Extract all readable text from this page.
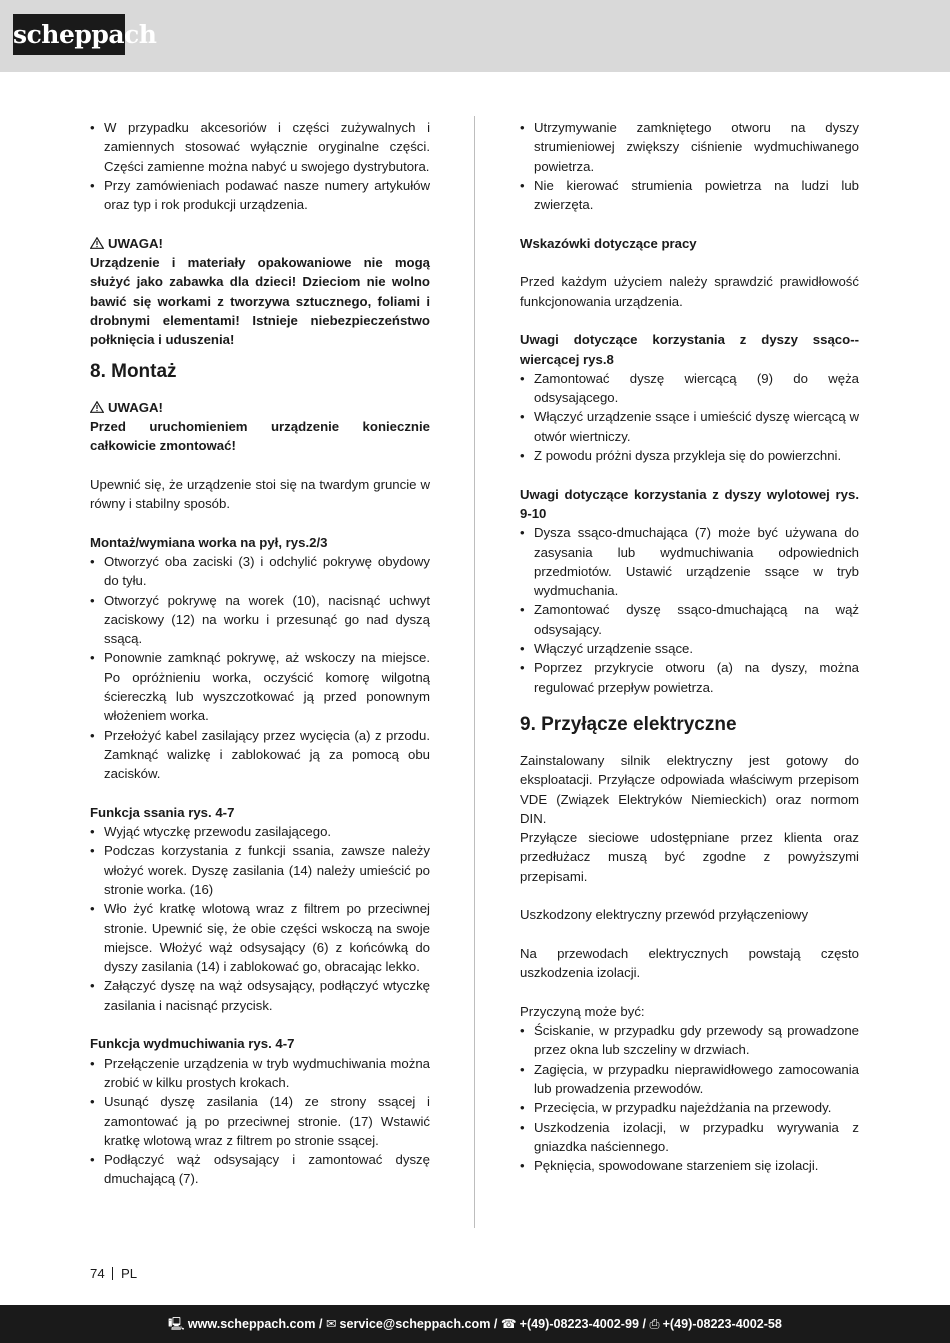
scheppach
• W przypadku akcesoriów i części zużywalnych i zamiennych stosować wyłącznie oryginalne części. Części zamienne można nabyć u swojego dystrybutora.
• Przy zamówieniach podawać nasze numery artykułów oraz typ i rok produkcji urządzenia.

UWAGA!

Urządzenie i materiały opakowaniowe nie mogą służyć jako zabawka dla dzieci! Dzieciom nie wolno bawić się workami z tworzywa sztucznego, foliami i drobnymi elementami! Istnieje niebezpieczeństwo połknięcia i uduszenia!

8. Montaż

UWAGA!

Przed uruchomieniem urządzenie koniecznie całkowicie zmontować!

Upewnić się, że urządzenie stoi się na twardym gruncie w równy i stabilny sposób.

Montaż/wymiana worka na pył, rys.2/3

• Otworzyć oba zaciski (3) i odchylić pokrywę obydowy do tyłu.
• Otworzyć pokrywę na worek (10), nacisnąć uchwyt zaciskowy (12) na worku i przesunąć go nad dyszą ssącą.
• Ponownie zamknąć pokrywę, aż wskoczy na miejsce. Po opróżnieniu worka, oczyścić komorę wilgotną ściereczką lub wyszczotkować ją przed ponownym włożeniem worka.
• Przełożyć kabel zasilający przez wycięcia (a) z przodu. Zamknąć walizkę i zablokować ją za pomocą obu zacisków.

Funkcja ssania rys. 4-7

• Wyjąć wtyczkę przewodu zasilającego.
• Podczas korzystania z funkcji ssania, zawsze należy włożyć worek. Dyszę zasilania (14) należy umieścić po stronie worka. (16)
• Wło żyć kratkę wlotową wraz z filtrem po przeciwnej stronie. Upewnić się, że obie części wskoczą na swoje miejsce. Włożyć wąż odsysający (6) z końcówką do dyszy zasilania (14) i zablokować go, obracając lekko.
• Załączyć dyszę na wąż odsysający, podłączyć wtyczkę zasilania i nacisnąć przycisk.

Funkcja wydmuchiwania rys. 4-7

• Przełączenie urządzenia w tryb wydmuchiwania można zrobić w kilku prostych krokach.
• Usunąć dyszę zasilania (14) ze strony ssącej i zamontować ją po przeciwnej stronie. (17) Wstawić kratkę wlotową wraz z filtrem po stronie ssącej.
• Podłączyć wąż odsysający i zamontować dyszę dmuchającą (7).
• Utrzymywanie zamkniętego otworu na dyszy strumieniowej zwiększy ciśnienie wydmuchiwanego powietrza.
• Nie kierować strumienia powietrza na ludzi lub zwierzęta.

Wskazówki dotyczące pracy

Przed każdym użyciem należy sprawdzić prawidłowość funkcjonowania urządzenia.

Uwagi dotyczące korzystania z dyszy ssąco--wiercącej rys.8

• Zamontować dyszę wiercącą (9) do węża odsysającego.
• Włączyć urządzenie ssące i umieścić dyszę wiercącą w otwór wiertniczy.
• Z powodu próżni dysza przykleja się do powierzchni.

Uwagi dotyczące korzystania z dyszy wylotowej rys. 9-10

• Dysza ssąco-dmuchająca (7) może być używana do zasysania lub wydmuchiwania odpowiednich przedmiotów. Ustawić urządzenie ssące w tryb wydmuchania.
• Zamontować dyszę ssąco-dmuchającą na wąż odsysający.
• Włączyć urządzenie ssące.
• Poprzez przykrycie otworu (a) na dyszy, można regulować przepływ powietrza.
9. Przyłącze elektryczne

Zainstalowany silnik elektryczny jest gotowy do eksploatacji. Przyłącze odpowiada właściwym przepisom VDE (Związek Elektryków Niemieckich) oraz normom DIN.

Przyłącze sieciowe udostępniane przez klienta oraz przedłużacz muszą być zgodne z powyższymi przepisami.

Uszkodzony elektryczny przewód przyłączeniowy

Na przewodach elektrycznych powstają często uszkodzenia izolacji.

Przyczyną może być:

• Ściskanie, w przypadku gdy przewody są prowadzone przez okna lub szczeliny w drzwiach.
• Zagięcia, w przypadku nieprawidłowego zamocowania lub prowadzenia przewodów.
• Przecięcia, w przypadku najeżdżania na przewody.
• Uszkodzenia izolacji, w przypadku wyrywania z gniazdka naściennego.
• Pęknięcia, spowodowane starzeniem się izolacji.
74 PL
🖳 www.scheppach.com / ✉ service@scheppach.com / ☎ +(49)-08223-4002-99 / ⎙ +(49)-08223-4002-58
